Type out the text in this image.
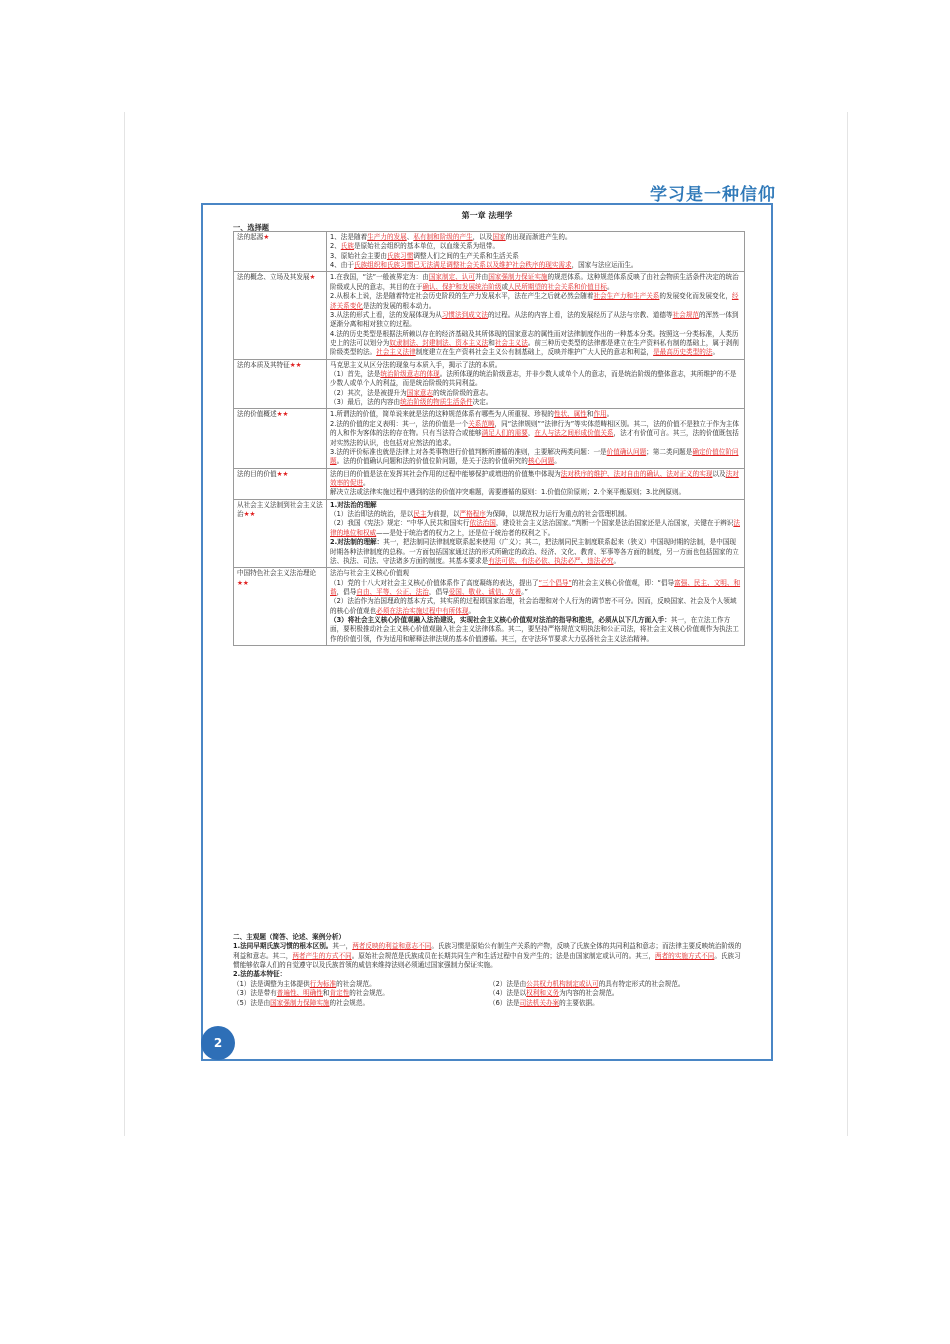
学习是一种信仰
第一章 法理学
一、选择题
法的起源★	1、法是随着生产力的发展、私有制和阶级的产生，以及国家的出现而渐进产生的。

2、氏族是原始社会组织的基本单位，以血缘关系为纽带。

3、原始社会主要由氏族习惯调整人们之间的生产关系和生活关系

4、由于氏族组织和氏族习惯已无法满足调整社会关系以及维护社会秩序的现实需求，国家与法应运而生。

法的概念、立场及其发展★	1.在我国，“法”一般被界定为：由国家制定、认可并由国家强制力保证实施的规范体系。这种规范体系反映了由社会物质生活条件决定的统治阶级或人民的意志，其目的在于确认、保护和发展统治阶级或人民所期望的社会关系和价值目标。

2.从根本上说，法是随着特定社会历史阶段的生产力发展水平，法在产生之后就必然会随着社会生产力和生产关系的发展变化而发展变化，经济关系变化是法的发展的根本动力。

3.从法的形式上看，法的发展体现为从习惯法到成文法的过程。从法的内容上看，法的发展经历了从法与宗教、道德等社会规范的浑然一体到逐渐分离和相对独立的过程。

4.法的历史类型是根据法所赖以存在的经济基础及其所体现的国家意志的属性而对法律制度作出的一种基本分类。按照这一分类标准，人类历史上的法可以划分为奴隶制法、封建制法、资本主义法和社会主义法。前三种历史类型的法律都是建立在生产资料私有制的基础上，属于剥削阶级类型的法。社会主义法律制度建立在生产资料社会主义公有制基础上，反映并维护广大人民的意志和利益，是最高历史类型的法。

法的本质及其特征★★	马克思主义从区分法的现象与本质入手，揭示了法的本质。

（1）首先，法是统治阶级意志的体现。法所体现的统治阶级意志，并非少数人或单个人的意志，而是统治阶级的整体意志，其所维护的不是少数人或单个人的利益，而是统治阶级的共同利益。

（2）其次，法是被提升为国家意志的统治阶级的意志。

（3）最后，法的内容由统治阶级的物质生活条件决定。

法的价值概述★★	1.所谓法的价值，简单说来就是法的这种规范体系有哪些为人所重视、珍视的性状、属性和作用。

2.法的价值的定义表明：其一，法的价值是一个关系范畴，同“法律规则”“法律行为”等实体范畴相区别。其二，法的价值不是独立于作为主体的人和作为客体的法的存在物。只有当法符合或能够满足人们的需要，在人与法之间形成价值关系，法才有价值可言。其三，法的价值既包括对实然法的认识，也包括对应然法的追求。

3.法的评价标准也就是法律上对各类事物进行价值判断所遵循的准则，主要解决两类问题：一是价值确认问题；第二类问题是确定价值位阶问题。法的价值确认问题和法的价值位阶问题，是关于法的价值研究的核心问题。

法的目的价值★★	法的目的价值是法在发挥其社会作用的过程中能够保护或增进的价值集中体现为法对秩序的维护、法对自由的确认、法对正义的实现以及法对效率的促进。

解决立法或法律实施过程中遇到的法的价值冲突难题，需要遵循的原则：1.价值位阶原则；2.个案平衡原则；3.比例原则。

从社会主义法制到社会主义法治★★	1.对法治的理解

（1）法治即法的统治，是以民主为前提，以严格程序为保障，以规范权力运行为重点的社会管理机制。

（2）我国《宪法》规定：“中华人民共和国实行依法治国，建设社会主义法治国家。”判断一个国家是法治国家还是人治国家，关键在于辨识法律的地位和权威——是处于统治者的权力之上，还是位于统治者的权利之下。

2.对法制的理解：其一，把法制同法律制度联系起来使用（广义）；其二，把法制同民主制度联系起来（狭义）中国现时期的法制，是中国现时期各种法律制度的总称。一方面包括国家通过法的形式所确定的政治、经济、文化、教育、军事等各方面的制度，另一方面也包括国家的立法、执法、司法、守法诸多方面的制度。其基本要求是有法可依、有法必依、执法必严、违法必究。

中国特色社会主义法治理论★★	法治与社会主义核心价值观

（1）党的十八大对社会主义核心价值体系作了高度凝练的表达，提出了“三个倡导”的社会主义核心价值观，即：“倡导富强、民主、文明、和谐，倡导自由、平等、公正、法治，倡导爱国、敬业、诚信、友善。”

（2）法治作为治国理政的基本方式，其实质的过程即国家治理，社会治理和对个人行为的调节密不可分。因而，反映国家、社会及个人领域的核心价值观也必须在法治实施过程中有所体现。

（3）将社会主义核心价值观融入法治建设，实现社会主义核心价值观对法治的指导和推进，必须从以下几方面入手：其一，在立法工作方面，要积极推动社会主义核心价值观融入社会主义法律体系。其二，要坚持严格规范文明执法和公正司法，将社会主义核心价值观作为执法工作的价值引领，作为适用和解释法律法规的基本价值遵循。其三，在守法环节要求大力弘扬社会主义法治精神。

二、主观题（简答、论述、案例分析）

1.法同早期氏族习惯的根本区别。其一，两者反映的利益和意志不同。氏族习惯是原始公有制生产关系的产物，反映了氏族全体的共同利益和意志；而法律主要反映统治阶级的利益和意志。其二，两者产生的方式不同。原始社会规范是氏族成员在长期共同生产和生活过程中自发产生的；法是由国家制定或认可的。其三，两者的实施方式不同。氏族习惯能够依靠人们的自觉遵守以及氏族首领的威信来维持法则必须通过国家强制力保证实施。

2.法的基本特征：
（1）法是调整为主体提供行为标准的社会规范。	（2）法是由公共权力机构制定或认可的具有特定形式的社会规范。
（3）法是带有普遍性、明确性和肯定性的社会规范。	（4）法是以权利和义务为内容的社会规范。
（5）法是由国家强制力保障实施的社会规范。	（6）法是司法机关办案的主要依据。
2
